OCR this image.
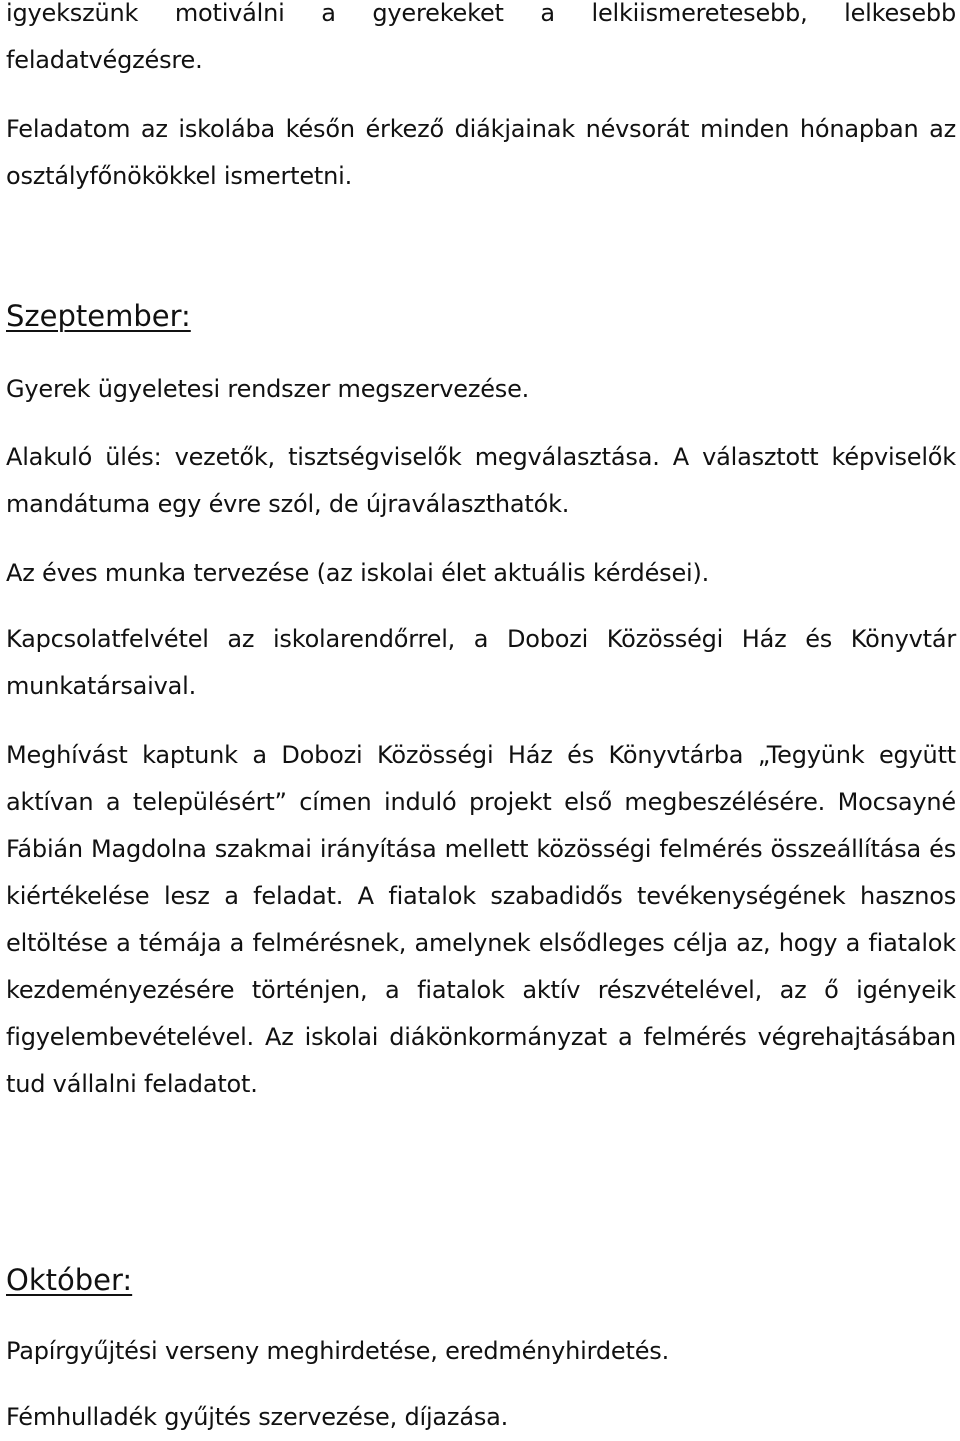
igyekszünk motiválni a gyerekeket a lelkiismeretesebb, lelkesebb feladatvégzésre.

Feladatom az iskolába későn érkező diákjainak névsorát minden hónapban az osztályfőnökökkel ismertetni.

Szeptember:

Gyerek ügyeletesi rendszer megszervezése.

Alakuló ülés: vezetők, tisztségviselők megválasztása. A választott képviselők mandátuma egy évre szól, de újraválaszthatók.

Az éves munka tervezése (az iskolai élet aktuális kérdései).

Kapcsolatfelvétel az iskolarendőrrel, a Dobozi Közösségi Ház és Könyvtár munkatársaival.

Meghívást kaptunk a Dobozi Közösségi Ház és Könyvtárba „Tegyünk együtt aktívan a településért” címen induló projekt első megbeszélésére. Mocsayné Fábián Magdolna szakmai irányítása mellett közösségi felmérés összeállítása és kiértékelése lesz a feladat. A fiatalok szabadidős tevékenységének hasznos eltöltése a témája a felmérésnek, amelynek elsődleges célja az, hogy a fiatalok kezdeményezésére történjen, a fiatalok aktív részvételével, az ő igényeik figyelembevételével. Az iskolai diákönkormányzat a felmérés végrehajtásában tud vállalni feladatot.

Október:

Papírgyűjtési verseny meghirdetése, eredményhirdetés.

Fémhulladék gyűjtés szervezése, díjazása.
